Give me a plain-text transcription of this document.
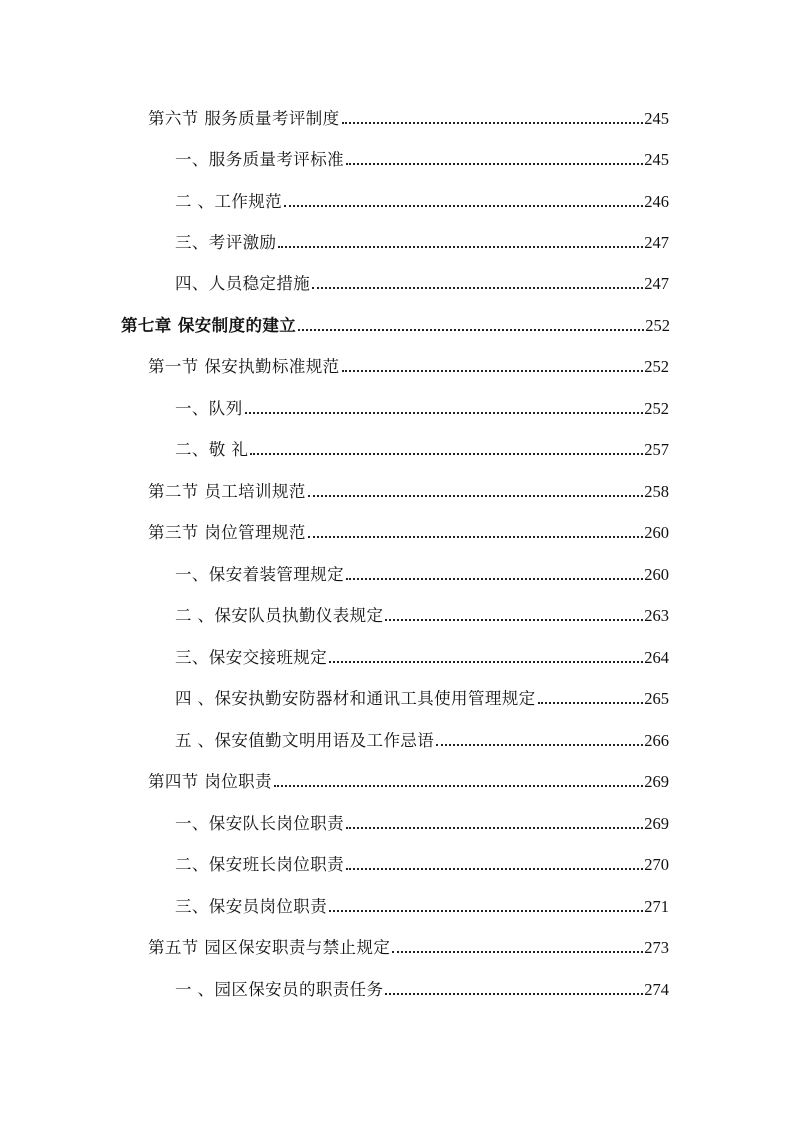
第六节 服务质量考评制度	245
一、服务质量考评标准	245
二 、工作规范	246
三、考评激励	247
四、人员稳定措施	247
第七章 保安制度的建立	252
第一节 保安执勤标准规范	252
一、队列	252
二、敬 礼	257
第二节 员工培训规范	258
第三节 岗位管理规范	260
一、保安着装管理规定	260
二 、保安队员执勤仪表规定	263
三、保安交接班规定	264
四 、保安执勤安防器材和通讯工具使用管理规定	265
五 、保安值勤文明用语及工作忌语	266
第四节 岗位职责	269
一、保安队长岗位职责	269
二、保安班长岗位职责	270
三、保安员岗位职责	271
第五节 园区保安职责与禁止规定	273
一 、园区保安员的职责任务	274
